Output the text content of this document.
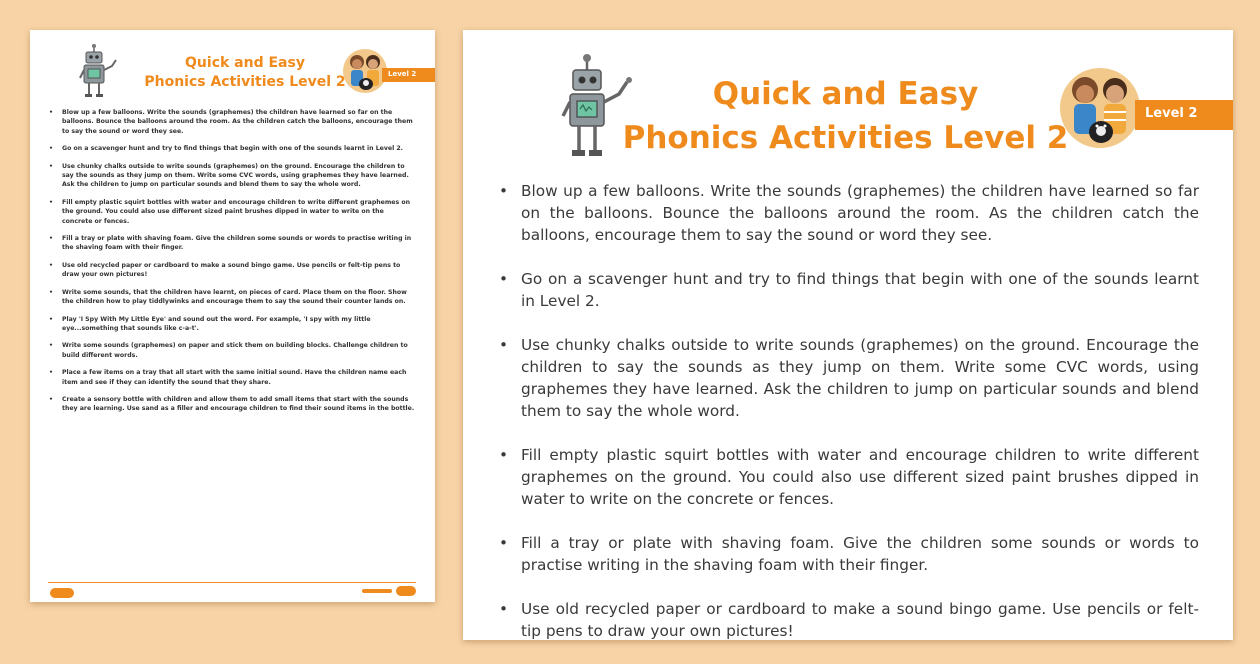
Quick and Easy
Phonics Activities Level 2	Level 2
• Blow up a few balloons. Write the sounds (graphemes) the children have learned so far on the balloons. Bounce the balloons around the room. As the children catch the balloons, encourage them to say the sound or word they see.
• Go on a scavenger hunt and try to find things that begin with one of the sounds learnt in Level 2.
• Use chunky chalks outside to write sounds (graphemes) on the ground. Encourage the children to say the sounds as they jump on them. Write some CVC words, using graphemes they have learned. Ask the children to jump on particular sounds and blend them to say the whole word.
• Fill empty plastic squirt bottles with water and encourage children to write different graphemes on the ground. You could also use different sized paint brushes dipped in water to write on the concrete or fences.
• Fill a tray or plate with shaving foam. Give the children some sounds or words to practise writing in the shaving foam with their finger.
• Use old recycled paper or cardboard to make a sound bingo game. Use pencils or felt-tip pens to draw your own pictures!
• Write some sounds, that the children have learnt, on pieces of card. Place them on the floor. Show the children how to play tiddlywinks and encourage them to say the sound their counter lands on.
• Play 'I Spy With My Little Eye' and sound out the word. For example, 'I spy with my little eye...something that sounds like c-a-t'.
• Write some sounds (graphemes) on paper and stick them on building blocks. Challenge children to build different words.
• Place a few items on a tray that all start with the same initial sound. Have the children name each item and see if they can identify the sound that they share.
• Create a sensory bottle with children and allow them to add small items that start with the sounds they are learning. Use sand as a filler and encourage children to find their sound items in the bottle.
Quick and Easy
Phonics Activities Level 2
Level 2
• Blow up a few balloons. Write the sounds (graphemes) the children have learned so far on the balloons. Bounce the balloons around the room. As the children catch the balloons, encourage them to say the sound or word they see.
• Go on a scavenger hunt and try to find things that begin with one of the sounds learnt in Level 2.
• Use chunky chalks outside to write sounds (graphemes) on the ground. Encourage the children to say the sounds as they jump on them. Write some CVC words, using graphemes they have learned. Ask the children to jump on particular sounds and blend them to say the whole word.
• Fill empty plastic squirt bottles with water and encourage children to write different graphemes on the ground. You could also use different sized paint brushes dipped in water to write on the concrete or fences.
• Fill a tray or plate with shaving foam. Give the children some sounds or words to practise writing in the shaving foam with their finger.
• Use old recycled paper or cardboard to make a sound bingo game. Use pencils or felt-tip pens to draw your own pictures!
